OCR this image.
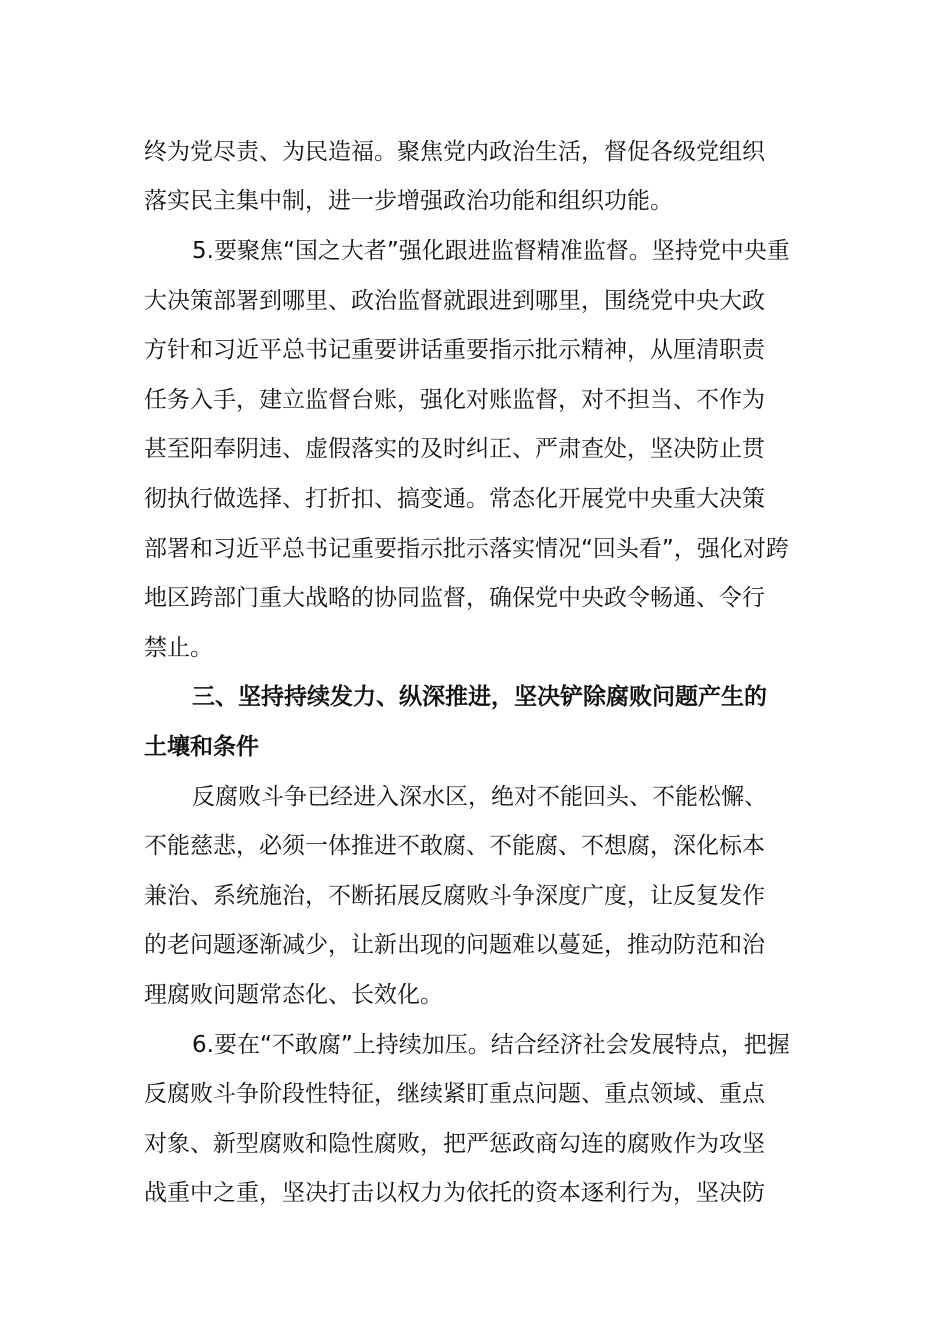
终为党尽责、为民造福。聚焦党内政治生活，督促各级党组织
落实民主集中制，进一步增强政治功能和组织功能。
5.要聚焦“国之大者”强化跟进监督精准监督。坚持党中央重
大决策部署到哪里、政治监督就跟进到哪里，围绕党中央大政
方针和习近平总书记重要讲话重要指示批示精神，从厘清职责
任务入手，建立监督台账，强化对账监督，对不担当、不作为
甚至阳奉阴违、虚假落实的及时纠正、严肃查处，坚决防止贯
彻执行做选择、打折扣、搞变通。常态化开展党中央重大决策
部署和习近平总书记重要指示批示落实情况“回头看”，强化对跨
地区跨部门重大战略的协同监督，确保党中央政令畅通、令行
禁止。
三、坚持持续发力、纵深推进，坚决铲除腐败问题产生的
土壤和条件
反腐败斗争已经进入深水区，绝对不能回头、不能松懈、
不能慈悲，必须一体推进不敢腐、不能腐、不想腐，深化标本
兼治、系统施治，不断拓展反腐败斗争深度广度，让反复发作
的老问题逐渐减少，让新出现的问题难以蔓延，推动防范和治
理腐败问题常态化、长效化。
6.要在“不敢腐”上持续加压。结合经济社会发展特点，把握
反腐败斗争阶段性特征，继续紧盯重点问题、重点领域、重点
对象、新型腐败和隐性腐败，把严惩政商勾连的腐败作为攻坚
战重中之重，坚决打击以权力为依托的资本逐利行为，坚决防
